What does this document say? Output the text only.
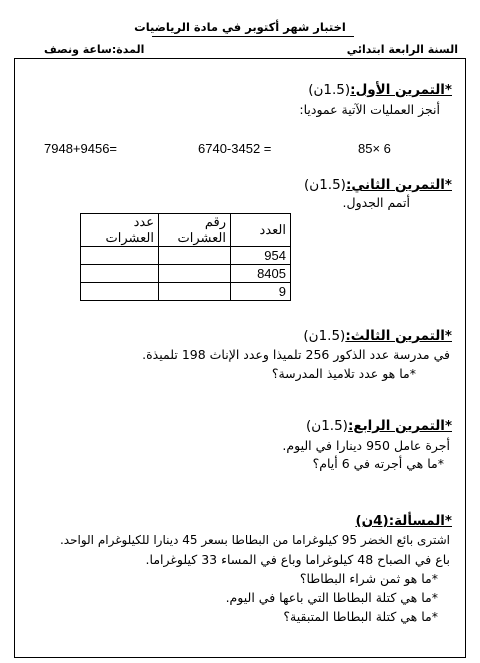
اختبار شهر أكتوبر في مادة الرياضيات
السنة الرابعة ابتدائي
المدة:ساعة ونصف
*التمرين الأول:(1.5ن)
أنجز العمليات الآتية عموديا:
85× 6
6740-3452 =
7948+9456=
*التمرين الثاني:(1.5ن)
أتمم الجدول.
العدد	رقم العشرات	عدد العشرات
954		
8405		
9		
*التمرين الثالث:(1.5ن)
في مدرسة عدد الذكور 256 تلميذا وعدد الإناث 198 تلميذة.
*ما هو عدد تلاميذ المدرسة؟
*التمرين الرابع:(1.5ن)
أجرة عامل 950 دينارا في اليوم.
*ما هي أجرته في 6 أيام؟
*المسألة:(4ن)
اشترى بائع الخضر 95 كيلوغراما من البطاطا بسعر 45 دينارا للكيلوغرام الواحد.
باع في الصباح 48 كيلوغراما وباع في المساء 33 كيلوغراما.
*ما هو ثمن شراء البطاطا؟
*ما هي كتلة البطاطا التي باعها في اليوم.
*ما هي كتلة البطاطا المتبقية؟
